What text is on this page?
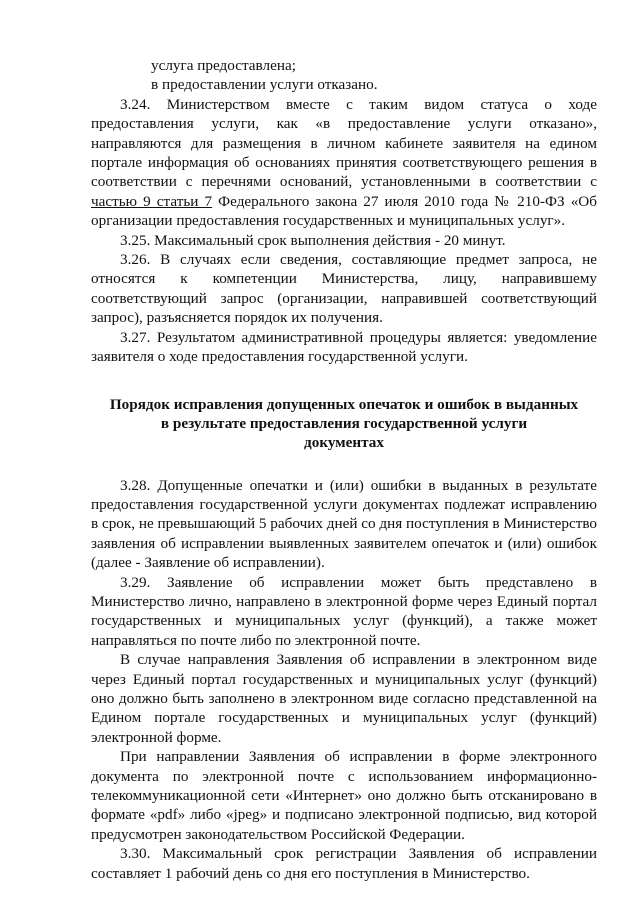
услуга предоставлена;

в предоставлении услуги отказано.

3.24. Министерством вместе с таким видом статуса о ходе предоставления услуги, как «в предоставление услуги отказано», направляются для размещения в личном кабинете заявителя на едином портале информация об основаниях принятия соответствующего решения в соответствии с перечнями оснований, установленными в соответствии с частью 9 статьи 7 Федерального закона 27 июля 2010 года № 210-ФЗ «Об организации предоставления государственных и муниципальных услуг».

3.25. Максимальный срок выполнения действия - 20 минут.

3.26. В случаях если сведения, составляющие предмет запроса, не относятся к компетенции Министерства, лицу, направившему соответствующий запрос (организации, направившей соответствующий запрос), разъясняется порядок их получения.

3.27. Результатом административной процедуры является: уведомление заявителя о ходе предоставления государственной услуги.

Порядок исправления допущенных опечаток и ошибок в выданных
в результате предоставления государственной услуги
документах

3.28. Допущенные опечатки и (или) ошибки в выданных в результате предоставления государственной услуги документах подлежат исправлению в срок, не превышающий 5 рабочих дней со дня поступления в Министерство заявления об исправлении выявленных заявителем опечаток и (или) ошибок (далее - Заявление об исправлении).

3.29. Заявление об исправлении может быть представлено в Министерство лично, направлено в электронной форме через Единый портал государственных и муниципальных услуг (функций), а также может направляться по почте либо по электронной почте.

В случае направления Заявления об исправлении в электронном виде через Единый портал государственных и муниципальных услуг (функций) оно должно быть заполнено в электронном виде согласно представленной на Едином портале государственных и муниципальных услуг (функций) электронной форме.

При направлении Заявления об исправлении в форме электронного документа по электронной почте с использованием информационно-телекоммуникационной сети «Интернет» оно должно быть отсканировано в формате «pdf» либо «jpeg» и подписано электронной подписью, вид которой предусмотрен законодательством Российской Федерации.

3.30. Максимальный срок регистрации Заявления об исправлении составляет 1 рабочий день со дня его поступления в Министерство.
